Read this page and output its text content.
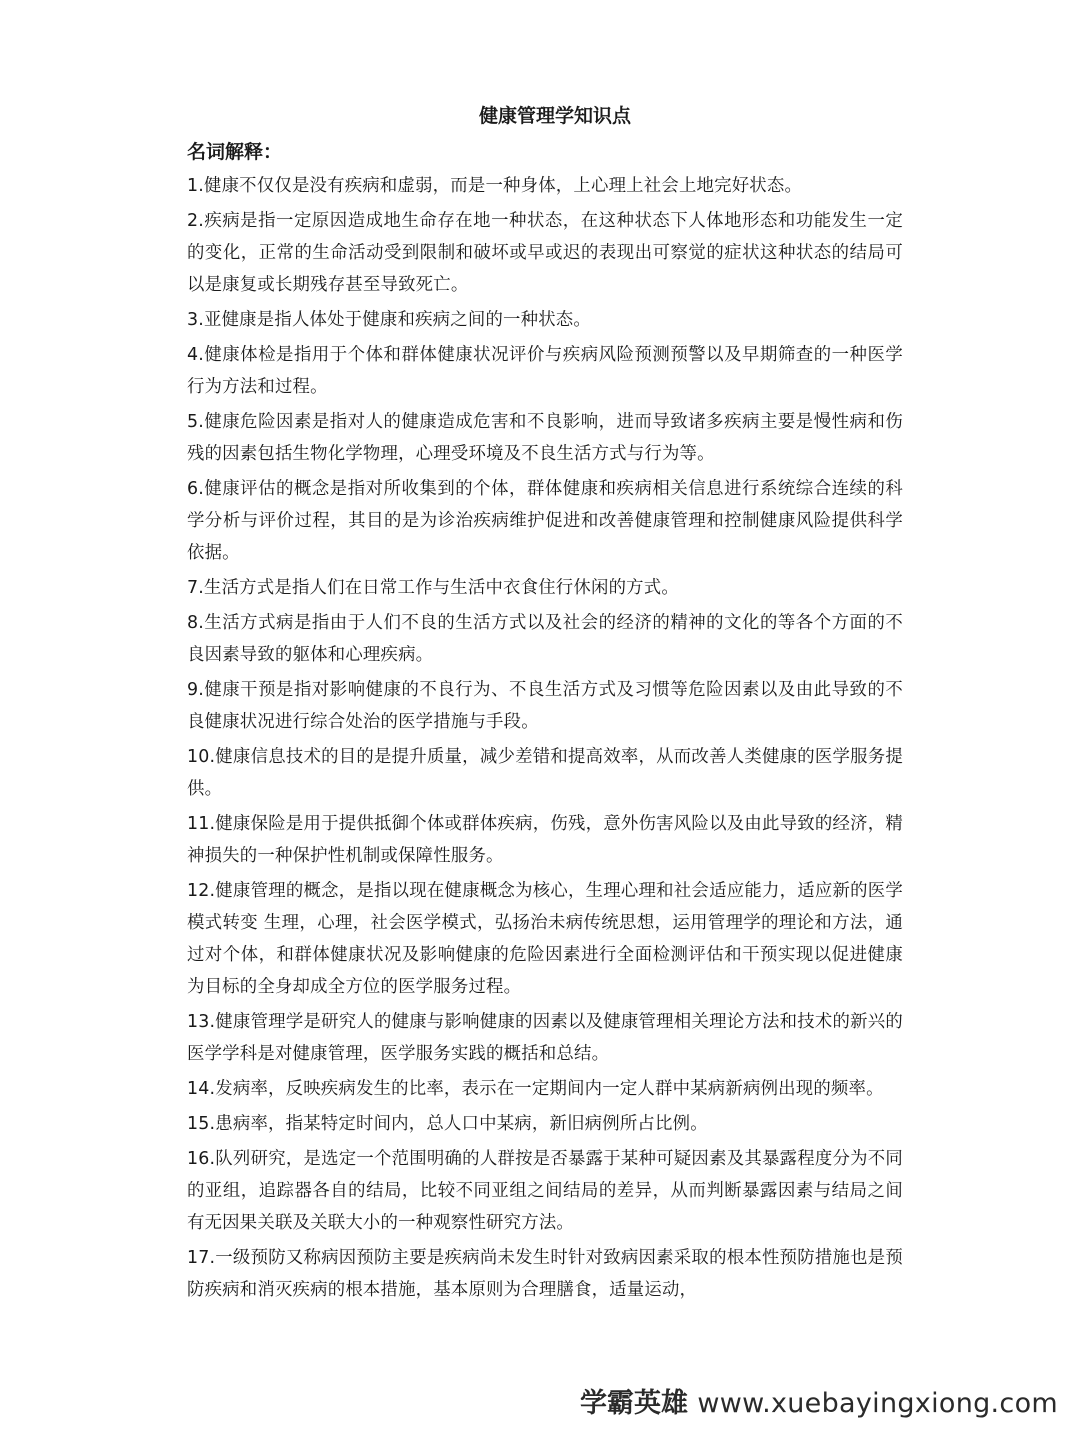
健康管理学知识点
名词解释：

1.健康不仅仅是没有疾病和虚弱，而是一种身体，上心理上社会上地完好状态。

2.疾病是指一定原因造成地生命存在地一种状态，在这种状态下人体地形态和功能发生一定的变化，正常的生命活动受到限制和破坏或早或迟的表现出可察觉的症状这种状态的结局可以是康复或长期残存甚至导致死亡。

3.亚健康是指人体处于健康和疾病之间的一种状态。

4.健康体检是指用于个体和群体健康状况评价与疾病风险预测预警以及早期筛查的一种医学行为方法和过程。

5.健康危险因素是指对人的健康造成危害和不良影响，进而导致诸多疾病主要是慢性病和伤残的因素包括生物化学物理，心理受环境及不良生活方式与行为等。

6.健康评估的概念是指对所收集到的个体，群体健康和疾病相关信息进行系统综合连续的科学分析与评价过程，其目的是为诊治疾病维护促进和改善健康管理和控制健康风险提供科学依据。

7.生活方式是指人们在日常工作与生活中衣食住行休闲的方式。

8.生活方式病是指由于人们不良的生活方式以及社会的经济的精神的文化的等各个方面的不良因素导致的躯体和心理疾病。

9.健康干预是指对影响健康的不良行为、不良生活方式及习惯等危险因素以及由此导致的不良健康状况进行综合处治的医学措施与手段。

10.健康信息技术的目的是提升质量，减少差错和提高效率，从而改善人类健康的医学服务提供。

11.健康保险是用于提供抵御个体或群体疾病，伤残，意外伤害风险以及由此导致的经济，精神损失的一种保护性机制或保障性服务。

12.健康管理的概念，是指以现在健康概念为核心，生理心理和社会适应能力，适应新的医学模式转变 生理，心理，社会医学模式，弘扬治未病传统思想，运用管理学的理论和方法，通过对个体，和群体健康状况及影响健康的危险因素进行全面检测评估和干预实现以促进健康为目标的全身却成全方位的医学服务过程。

13.健康管理学是研究人的健康与影响健康的因素以及健康管理相关理论方法和技术的新兴的医学学科是对健康管理，医学服务实践的概括和总结。

14.发病率，反映疾病发生的比率，表示在一定期间内一定人群中某病新病例出现的频率。

15.患病率，指某特定时间内，总人口中某病，新旧病例所占比例。

16.队列研究，是选定一个范围明确的人群按是否暴露于某种可疑因素及其暴露程度分为不同的亚组，追踪器各自的结局，比较不同亚组之间结局的差异，从而判断暴露因素与结局之间有无因果关联及关联大小的一种观察性研究方法。

17.一级预防又称病因预防主要是疾病尚未发生时针对致病因素采取的根本性预防措施也是预防疾病和消灭疾病的根本措施，基本原则为合理膳食，适量运动，

学霸英雄 www.xuebayingxiong.com
